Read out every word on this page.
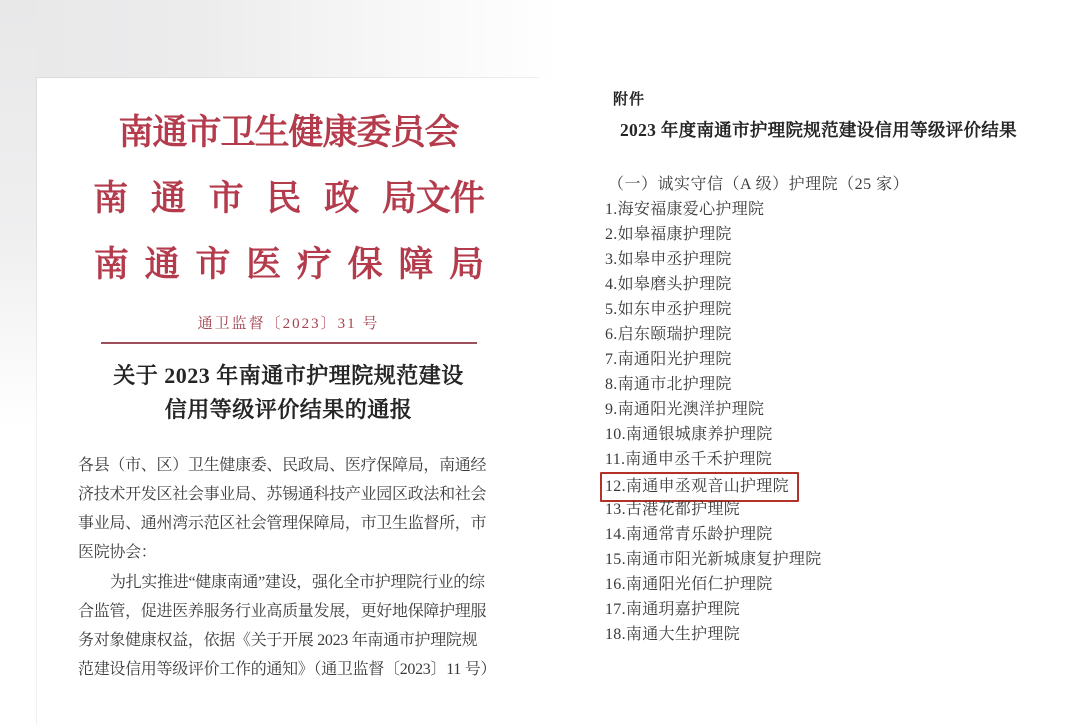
南通市卫生健康委员会
南 通 市 民 政 局文件
南 通 市 医 疗 保 障 局
通卫监督〔2023〕31 号
关于 2023 年南通市护理院规范建设
信用等级评价结果的通报
各县（市、区）卫生健康委、民政局、医疗保障局，南通经
济技术开发区社会事业局、苏锡通科技产业园区政法和社会
事业局、通州湾示范区社会管理保障局，市卫生监督所，市
医院协会：
为扎实推进“健康南通”建设，强化全市护理院行业的综
合监管，促进医养服务行业高质量发展，更好地保障护理服
务对象健康权益，依据《关于开展 2023 年南通市护理院规
范建设信用等级评价工作的通知》（通卫监督〔2023〕11 号）
附件
2023 年度南通市护理院规范建设信用等级评价结果
（一）诚实守信（A 级）护理院（25 家）
1.海安福康爱心护理院
2.如皋福康护理院
3.如皋申丞护理院
4.如皋磨头护理院
5.如东申丞护理院
6.启东颐瑞护理院
7.南通阳光护理院
8.南通市北护理院
9.南通阳光澳洋护理院
10.南通银城康养护理院
11.南通申丞千禾护理院
12.南通申丞观音山护理院
13.古港花都护理院
14.南通常青乐龄护理院
15.南通市阳光新城康复护理院
16.南通阳光佰仁护理院
17.南通玥嘉护理院
18.南通大生护理院
